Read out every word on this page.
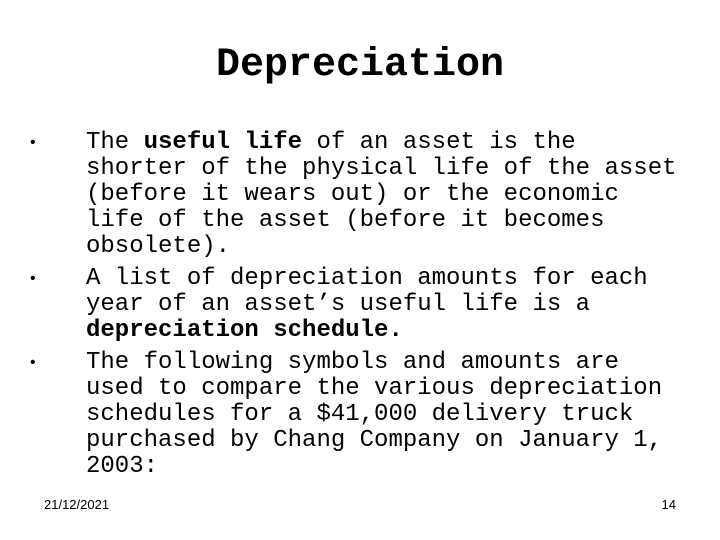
Depreciation
• The useful life of an asset is the shorter of the physical life of the asset (before it wears out) or the economic life of the asset (before it becomes obsolete).
• A list of depreciation amounts for each year of an asset’s useful life is a depreciation schedule.
• The following symbols and amounts are used to compare the various depreciation schedules for a $41,000 delivery truck purchased by Chang Company on January 1, 2003:
21/12/2021	14
